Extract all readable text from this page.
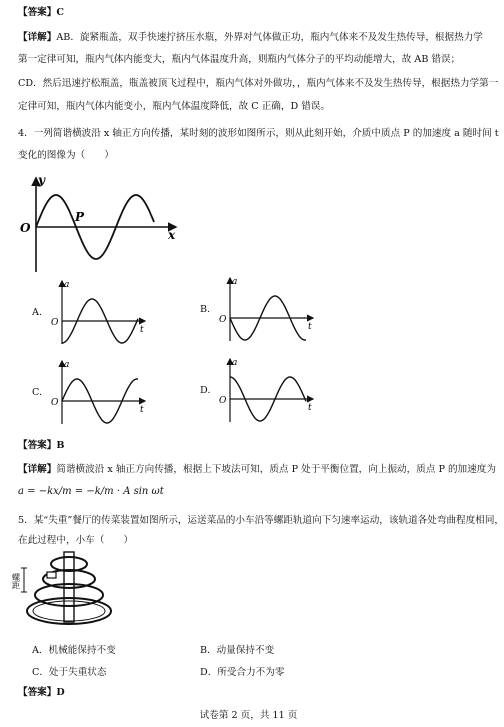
【答案】C
【详解】AB．旋紧瓶盖，双手快速拧挤压水瓶，外界对气体做正功，瓶内气体来不及发生热传导，根据热力学
第一定律可知，瓶内气体内能变大，瓶内气体温度升高，则瓶内气体分子的平均动能增大，故 AB 错误；
CD．然后迅速拧松瓶盖，瓶盖被顶飞过程中，瓶内气体对外做功，，瓶内气体来不及发生热传导，根据热力学第一
定律可知，瓶内气体内能变小，瓶内气体温度降低，故 C 正确，D 错误。
4．一列简谐横波沿 x 轴正方向传播，某时刻的波形如图所示，则从此刻开始，介质中质点 P 的加速度 a 随时间 t
变化的图像为（　　）
y
x
O
P
A.
a
O
t
B.
a
O
t
C.
a
O
t
D.
a
O
t
【答案】B
【详解】简谐横波沿 x 轴正方向传播，根据上下坡法可知，质点 P 处于平衡位置，向上振动，质点 P 的加速度为
a = −kx/m = −k/m · A sin ωt
5．某“失重”餐厅的传菜装置如图所示，运送菜品的小车沿等螺距轨道向下匀速率运动，该轨道各处弯曲程度相同，
在此过程中，小车（　　）
螺距
A．机械能保持不变	B．动量保持不变
C．处于失重状态	D．所受合力不为零
【答案】D
试卷第 2 页，共 11 页
